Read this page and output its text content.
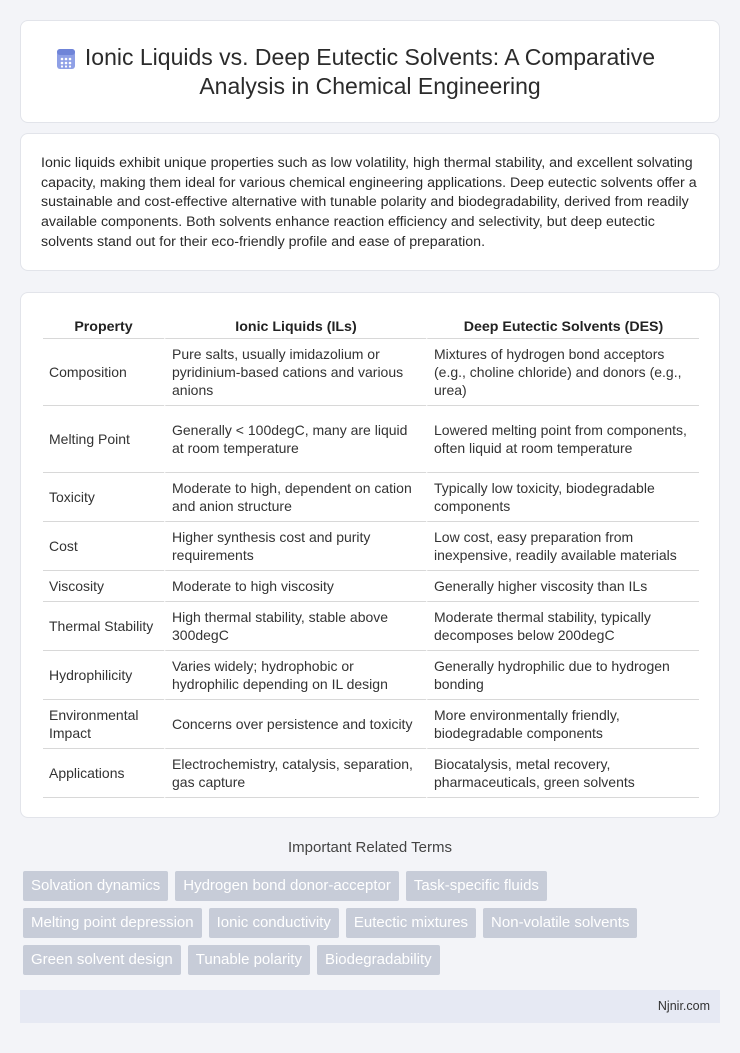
Ionic Liquids vs. Deep Eutectic Solvents: A Comparative Analysis in Chemical Engineering

Ionic liquids exhibit unique properties such as low volatility, high thermal stability, and excellent solvating capacity, making them ideal for various chemical engineering applications. Deep eutectic solvents offer a sustainable and cost-effective alternative with tunable polarity and biodegradability, derived from readily available components. Both solvents enhance reaction efficiency and selectivity, but deep eutectic solvents stand out for their eco-friendly profile and ease of preparation.

Property	Ionic Liquids (ILs)	Deep Eutectic Solvents (DES)
Composition	Pure salts, usually imidazolium or pyridinium-based cations and various anions	Mixtures of hydrogen bond acceptors (e.g., choline chloride) and donors (e.g., urea)
Melting Point	Generally < 100degC, many are liquid at room temperature	Lowered melting point from components, often liquid at room temperature
Toxicity	Moderate to high, dependent on cation and anion structure	Typically low toxicity, biodegradable components
Cost	Higher synthesis cost and purity requirements	Low cost, easy preparation from inexpensive, readily available materials
Viscosity	Moderate to high viscosity	Generally higher viscosity than ILs
Thermal Stability	High thermal stability, stable above 300degC	Moderate thermal stability, typically decomposes below 200degC
Hydrophilicity	Varies widely; hydrophobic or hydrophilic depending on IL design	Generally hydrophilic due to hydrogen bonding
Environmental Impact	Concerns over persistence and toxicity	More environmentally friendly, biodegradable components
Applications	Electrochemistry, catalysis, separation, gas capture	Biocatalysis, metal recovery, pharmaceuticals, green solvents
Important Related Terms
Solvation dynamics	Hydrogen bond donor-acceptor	Task-specific fluids
Melting point depression	Ionic conductivity	Eutectic mixtures	Non-volatile solvents
Green solvent design	Tunable polarity	Biodegradability
Njnir.com
